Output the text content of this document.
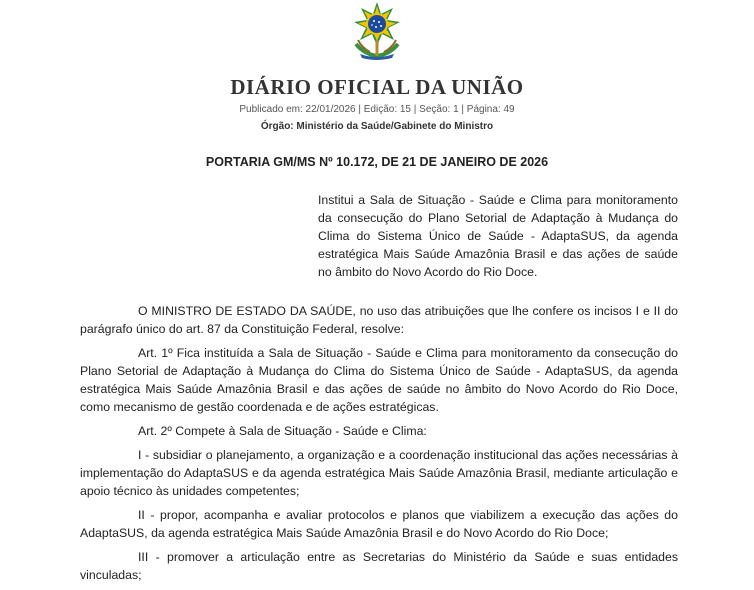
DIÁRIO OFICIAL DA UNIÃO
Publicado em: 22/01/2026 | Edição: 15 | Seção: 1 | Página: 49
Órgão: Ministério da Saúde/Gabinete do Ministro
PORTARIA GM/MS Nº 10.172, DE 21 DE JANEIRO DE 2026
Institui a Sala de Situação - Saúde e Clima para monitoramento da consecução do Plano Setorial de Adaptação à Mudança do Clima do Sistema Único de Saúde - AdaptaSUS, da agenda estratégica Mais Saúde Amazônia Brasil e das ações de saúde no âmbito do Novo Acordo do Rio Doce.

O MINISTRO DE ESTADO DA SAÚDE, no uso das atribuições que lhe confere os incisos I e II do parágrafo único do art. 87 da Constituição Federal, resolve:

Art. 1º Fica instituída a Sala de Situação - Saúde e Clima para monitoramento da consecução do Plano Setorial de Adaptação à Mudança do Clima do Sistema Único de Saúde - AdaptaSUS, da agenda estratégica Mais Saúde Amazônia Brasil e das ações de saúde no âmbito do Novo Acordo do Rio Doce, como mecanismo de gestão coordenada e de ações estratégicas.

Art. 2º Compete à Sala de Situação - Saúde e Clima:

I - subsidiar o planejamento, a organização e a coordenação institucional das ações necessárias à implementação do AdaptaSUS e da agenda estratégica Mais Saúde Amazônia Brasil, mediante articulação e apoio técnico às unidades competentes;

II - propor, acompanha e avaliar protocolos e planos que viabilizem a execução das ações do AdaptaSUS, da agenda estratégica Mais Saúde Amazônia Brasil e do Novo Acordo do Rio Doce;

III - promover a articulação entre as Secretarias do Ministério da Saúde e suas entidades vinculadas;
